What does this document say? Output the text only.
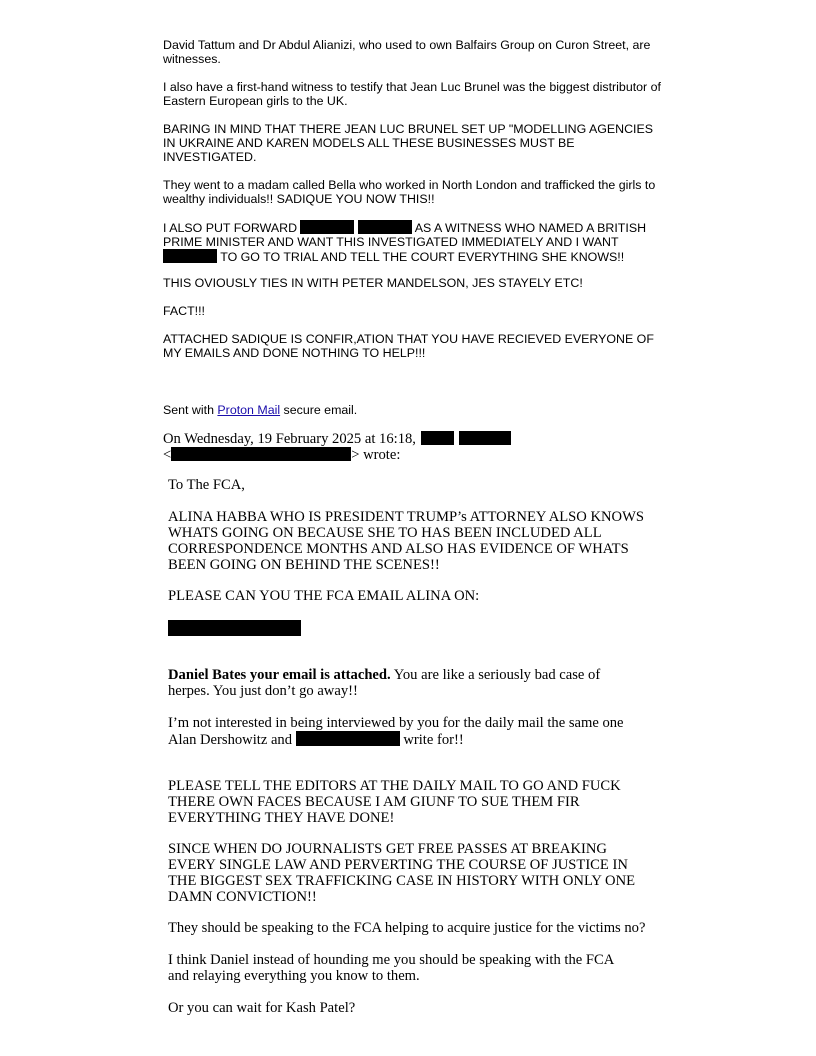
David Tattum and Dr Abdul Alianizi, who used to own Balfairs Group on Curon Street, are witnesses.

I also have a first-hand witness to testify that Jean Luc Brunel was the biggest distributor of Eastern European girls to the UK.

BARING IN MIND THAT THERE JEAN LUC BRUNEL SET UP "MODELLING AGENCIES IN UKRAINE AND KAREN MODELS ALL THESE BUSINESSES MUST BE INVESTIGATED.

They went to a madam called Bella who worked in North London and trafficked the girls to wealthy individuals!! SADIQUE YOU NOW THIS!!

I ALSO PUT FORWARD	AS A WITNESS WHO NAMED A BRITISH PRIME MINISTER AND WANT THIS INVESTIGATED IMMEDIATELY AND I WANT  TO GO TO TRIAL AND TELL THE COURT EVERYTHING SHE KNOWS!!

THIS OVIOUSLY TIES IN WITH PETER MANDELSON, JES STAYELY ETC!

FACT!!!

ATTACHED SADIQUE IS CONFIR,ATION THAT YOU HAVE RECIEVED EVERYONE OF MY EMAILS AND DONE NOTHING TO HELP!!!

Sent with Proton Mail secure email.

On Wednesday, 19 February 2025 at 16:18,
<	> wrote:

To The FCA,

ALINA HABBA WHO IS PRESIDENT TRUMP’s ATTORNEY ALSO KNOWS WHATS GOING ON BECAUSE SHE TO HAS BEEN INCLUDED ALL CORRESPONDENCE MONTHS AND ALSO HAS EVIDENCE OF WHATS BEEN GOING ON BEHIND THE SCENES!!

PLEASE CAN YOU THE FCA EMAIL ALINA ON:

Daniel Bates your email is attached. You are like a seriously bad case of herpes. You just don’t go away!!

I’m not interested in being interviewed by you for the daily mail the same one Alan Dershowitz and	write for!!

PLEASE TELL THE EDITORS AT THE DAILY MAIL TO GO AND FUCK THERE OWN FACES BECAUSE I AM GIUNF TO SUE THEM FIR EVERYTHING THEY HAVE DONE!

SINCE WHEN DO JOURNALISTS GET FREE PASSES AT BREAKING EVERY SINGLE LAW AND PERVERTING THE COURSE OF JUSTICE IN THE BIGGEST SEX TRAFFICKING CASE IN HISTORY WITH ONLY ONE DAMN CONVICTION!!

They should be speaking to the FCA helping to acquire justice for the victims no?

I think Daniel instead of hounding me you should be speaking with the FCA and relaying everything you know to them.

Or you can wait for Kash Patel?
